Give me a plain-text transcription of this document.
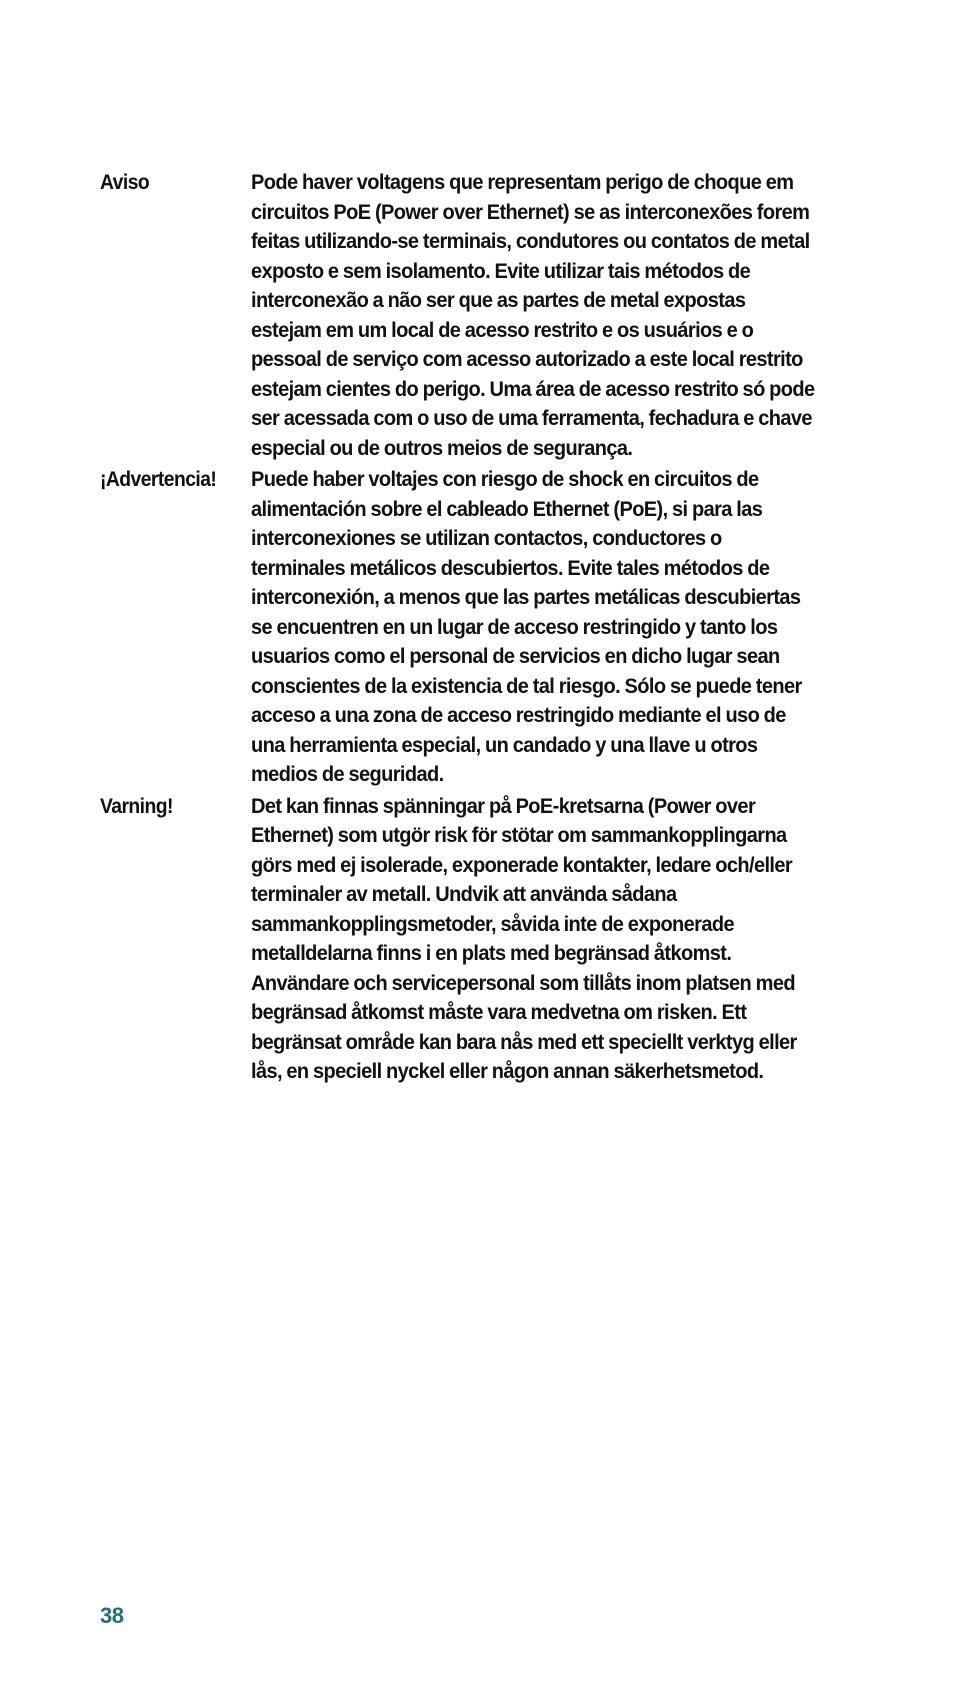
Aviso	Pode haver voltagens que representam perigo de choque em circuitos PoE (Power over Ethernet) se as interconexões forem feitas utilizando-se terminais, condutores ou contatos de metal exposto e sem isolamento. Evite utilizar tais métodos de interconexão a não ser que as partes de metal expostas estejam em um local de acesso restrito e os usuários e o pessoal de serviço com acesso autorizado a este local restrito estejam cientes do perigo. Uma área de acesso restrito só pode ser acessada com o uso de uma ferramenta, fechadura e chave especial ou de outros meios de segurança.
¡Advertencia!	Puede haber voltajes con riesgo de shock en circuitos de alimentación sobre el cableado Ethernet (PoE), si para las interconexiones se utilizan contactos, conductores o terminales metálicos descubiertos. Evite tales métodos de interconexión, a menos que las partes metálicas descubiertas se encuentren en un lugar de acceso restringido y tanto los usuarios como el personal de servicios en dicho lugar sean conscientes de la existencia de tal riesgo. Sólo se puede tener acceso a una zona de acceso restringido mediante el uso de una herramienta especial, un candado y una llave u otros medios de seguridad.
Varning!	Det kan finnas spänningar på PoE-kretsarna (Power over Ethernet) som utgör risk för stötar om sammankopplingarna görs med ej isolerade, exponerade kontakter, ledare och/eller terminaler av metall. Undvik att använda sådana sammankopplingsmetoder, såvida inte de exponerade metalldelarna finns i en plats med begränsad åtkomst. Användare och servicepersonal som tillåts inom platsen med begränsad åtkomst måste vara medvetna om risken. Ett begränsat område kan bara nås med ett speciellt verktyg eller lås, en speciell nyckel eller någon annan säkerhetsmetod.
38
